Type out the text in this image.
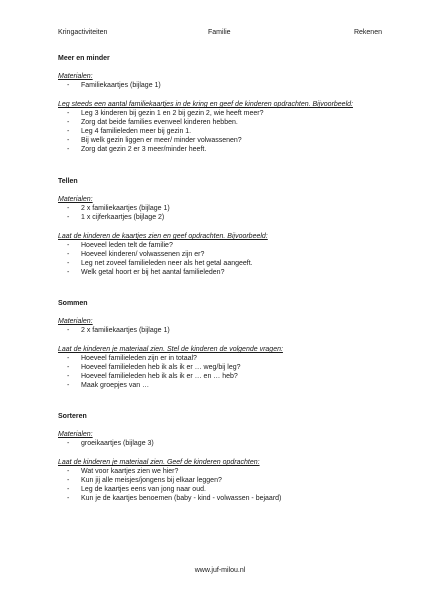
Kringactiviteiten	Familie	Rekenen

Meer en minder

Materialen:

- Familiekaartjes (bijlage 1)

Leg steeds een aantal familiekaartjes in de kring en geef de kinderen opdrachten. Bijvoorbeeld:

- Leg 3 kinderen bij gezin 1 en 2 bij gezin 2, wie heeft meer?
- Zorg dat beide families evenveel kinderen hebben.
- Leg 4 familieleden meer bij gezin 1.
- Bij welk gezin liggen er meer/ minder volwassenen?
- Zorg dat gezin 2 er 3 meer/minder heeft.

Tellen

Materialen:

- 2 x familiekaartjes (bijlage 1)
- 1 x cijferkaartjes (bijlage 2)

Laat de kinderen de kaartjes zien en geef opdrachten. Bijvoorbeeld:

- Hoeveel leden telt de familie?
- Hoeveel kinderen/ volwassenen zijn er?
- Leg net zoveel familieleden neer als het getal aangeeft.
- Welk getal hoort er bij het aantal familieleden?

Sommen

Materialen:

- 2 x familiekaartjes (bijlage 1)

Laat de kinderen je materiaal zien. Stel de kinderen de volgende vragen:

- Hoeveel familieleden zijn er in totaal?
- Hoeveel familieleden heb ik als ik er … weg/bij leg?
- Hoeveel familieleden heb ik als ik er … en … heb?
- Maak groepjes van …

Sorteren

Materialen:

- groeikaartjes (bijlage 3)

Laat de kinderen je materiaal zien. Geef de kinderen opdrachten:

- Wat voor kaartjes zien we hier?
- Kun jij alle meisjes/jongens bij elkaar leggen?
- Leg de kaartjes eens van jong naar oud.
- Kun je de kaartjes benoemen (baby - kind - volwassen - bejaard)
www.juf-milou.nl
